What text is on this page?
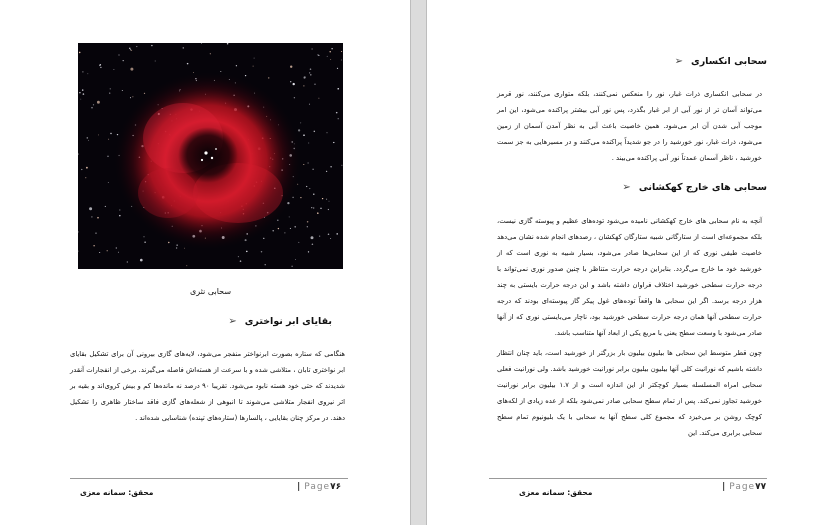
سحابی نثری
بقایای ابر نواختری
➢

هنگامی که ستاره بصورت ابرنواختر منفجر می‌شود، لایه‌های گازی بیرونی آن برای تشکیل بقایای ابر نواختری تابان ، متلاشی شده و با سرعت از هسته‌اش فاصله می‌گیرند. برخی از انفجارات آنقدر شدیدند که حتی خود هسته نابود می‌شود. تقریبا ۹۰ درصد نه مانده‌ها کم و بیش کروی‌اند و بقیه بر اثر نیروی انفجار متلاشی می‌شوند تا انبوهی از شعله‌های گازی فاقد ساختار ظاهری را تشکیل دهند. در مرکز چنان بقایایی ، پالسارها (ستاره‌های تپنده) شناسایی شده‌اند .

| Page۷۶
محقق: سمانه معزی
سحابی انکساری
➢

در سحابی انکساری ذرات غبار، نور را منعکس نمی‌کنند، بلکه متواری می‌کنند، نور قرمز می‌تواند آسان تر از نور آبی از ابر غبار بگذرد، پس نور آبی بیشتر پراکنده می‌شود، این امر موجب آبی شدن آن ابر می‌شود. همین خاصیت باعث آبی به نظر آمدن آسمان از زمین می‌شود، ذرات غبار، نور خورشید را در جو شدیداً پراکنده می‌کنند و در مسیرهایی به جز سمت خورشید ، ناظر آسمان عمدتاً نور آبی پراکنده می‌بیند .

سحابی های خارج کهکشانی
➢

آنچه به نام سحابی های خارج کهکشانی نامیده می‌شود توده‌های عظیم و پیوسته گازی نیست، بلکه مجموعه‌ای است از ستارگانی شبیه ستارگان کهکشان ، رصدهای انجام شده نشان می‌دهد خاصیت طیفی نوری که از این سحابی‌ها صادر می‌شود، بسیار شبیه به نوری است که از خورشید خود ما خارج می‌گردد. بنابراین درجه حرارت متناظر با چنین صدور نوری نمی‌تواند با درجه حرارت سطحی خورشید اختلاف فراوان داشته باشد و این درجه حرارت بایستی به چند هزار درجه برسد. اگر این سحابی ها واقعاً توده‌های غول پیکر گاز پیوسته‌ای بودند که درجه حرارت سطحی آنها همان درجه حرارت سطحی خورشید بود، ناچار می‌بایستی نوری که از آنها صادر می‌شود با وسعت سطح یعنی با مربع یکی از ابعاد آنها متناسب باشد.

چون قطر متوسط این سحابی ها بیلیون بیلیون بار بزرگتر از خورشید است، باید چنان انتظار داشته باشیم که نورانیت کلی آنها بیلیون بیلیون برابر نورانیت خورشید باشد. ولی نورانیت فعلی سحابی امراه المسلسله بسیار کوچکتر از این اندازه است و از ۱.۷ بیلیون برابر نورانیت خورشید تجاوز نمی‌کند. پس از تمام سطح سحابی صادر نمی‌شود بلکه از عده زیادی از لکه‌های کوچک روشن بر می‌خیزد که مجموع کلی سطح آنها به سحابی با یک بلیونیوم تمام سطح سحابی برابری می‌کند. این

| Page۷۷
محقق: سمانه معزی
